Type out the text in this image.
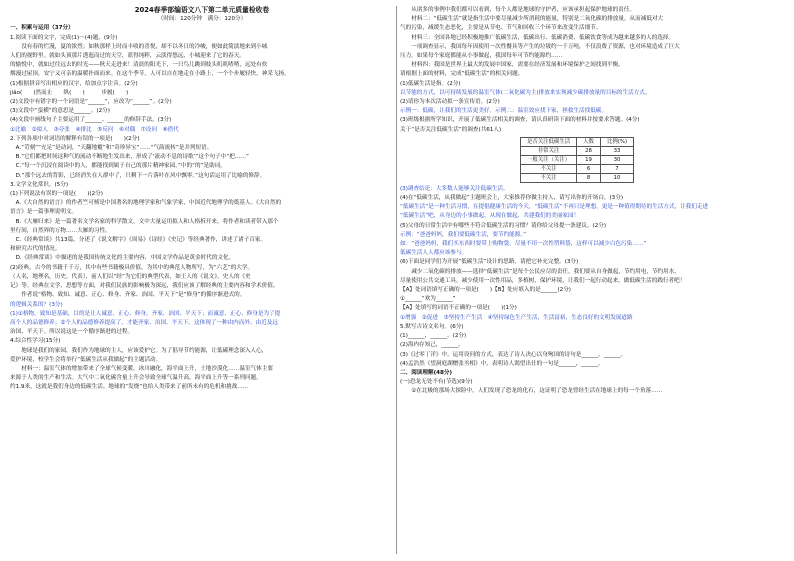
2024春季部编语文八下第二单元质量检收卷
（时间：120分钟　满分：120分）
一、积累与运用（37分）
1.阅读下面的文字，完成(1)～(4)题。(9分)
　　没有春的烂漫，夏的浓烈；如秋那样上时而丰收的喜悦，却不以冬日的冷峻，便如此简淡地来到小城
人们的视野里。就如头顶那片透迤而过的天空，蓝得纯粹，云淡得悠远，小城迎来了它的春天。
的愉悦中，就如过往远去的时光——秋天走进来！清晨的阳光下，一只鸟儿跳到枝头叽叽喳喳，远处有炊
烟漫过屋顶，安宁又可亲的温暖扑面而来。在这个季节，人可以自在地走在小路上，一个个步履轻快，神采飞扬。
(1)根据拼音写出相应的汉字，给加点字注音。(2分)
jiǎo(　　)然而止　　纵(　　)　　　步履(　　)
(2)文段中有错字的一个词语是“______”，应改为“______”。(2分)
(3)文段中“蛮横”的意思是______。(2分)
(4)文段中画线句子主要运用了______、______的修辞手法。(3分)
①比喻　②拟人　③夸张　④排比　⑤反问　⑥对偶　⑦设问　⑧借代
2.下列各项中对词语的解释有误的一项是(　　)(2分)
　A.“苛刻”“充足”是动词，“天翻地覆”和“奇珍异宝”……“气韵流转”是并列短语。
　B.“它们都把时间这种气的流动不断地生发出来，形成了‘流动不息的诗歌’”这个句子中“把……”
　C.“每一个沉浸在阅读中的人，都能找到属于自己的那片精神家园。”中的“的”是助词。
　D.“那个远去的背影，已经消失在人群中了，只剩下一片落叶在风中飘零。”这句话运用了比喻的修辞。
3.文学文化常识。(5分)
(1)下列说法有误的一项是(　　)(2分)
　A.《大自然的语言》的作者竺可桢是中国著名的地理学家和气象学家，中国近代地理学的奠基人。《大自然的
语言》是一篇事理说明文。
　B.《大雁归来》是一篇著名文学名家的科学散文，文中大量运用拟人和人格拆开来，将作者和读者带入那个
里行间，自然界的万物……大雁的习性。
　C.《经典常谈》共13篇，分述了《说文解字》《周易》《诗经》《史记》等经典著作，讲述了诸子百家。
和研究古代的情况。
　D.《经典常谈》中描述的是我国传统文化的主要内容，中国文学作品是黄金时代的文化。
(2)经典，古今的书籍千千万，其中有些书籍极具价值，为其中的典范人物所写，为“六艺”的大学。
（人名，地理名，历史，代表），前人们以“经”为它们的典型代表，如王人的《说文》，史人的《史
记》等。经典在文学、思想等方面，对我们民族的影响极为深远，我们应该了解经典的主要内容和学术价值。
　　作者说“格物、致知、诚意、正心、修身、齐家、治国、平天下”是“修身”的循序渐进式的。
的逻辑关系的？(3分)
(1)①格物、致知是基础，目的是让人诚意、正心、修身，齐家、治国、平天下；而诚意、正心、修身是为了提
高个人的品德修养；②个人的品德修养提高了，才能齐家、治国、平天下。这体现了一种由内而外、由近及远
治国、平天下。所以说这是一个循序渐进的过程。
4.综合性学习(15分)
　　地球是我们的家园，我们作为地球的主人，应该爱护它。为了倡导节约能源，让低碳理念深入人心，
爱护环境，校学生会将举行“低碳生活从我做起”的主题活动。
　　材料一：温室气体的增加带来了全球气候变暖，冰川融化，海平面上升，土地沙漠化……温室气体主要
来源于人类的生产和生活。大气中二氧化碳含量上升会导致全球气温升高，海平面上升等一系列问题。
约1.9米，这就是我们身边的低碳生活。地球的“发烧”也给人类带来了前所未有的危机和挑战……
　　从诸多的事例中我们都可以看到，每个人都是地球的守护者，应该承担起保护地球的责任。
　　材料二：“低碳生活”就是指生活中要尽量减少所消耗的能量，特别是二氧化碳的排放量，从而减低对大
气的污染，减缓生态恶化，主要是从节电、节气和回收三个环节来改变生活细节。
　　材料三：全国各地已经积极地推广低碳生活，低碳出行、低碳消费、低碳饮食等成为越来越多的人的选择。
　　一项调查显示，我国每年因使用一次性餐具等产生的垃圾约一千万吨，不仅浪费了资源，也对环境造成了巨大
压力。如果每个家庭都能从小事做起，我国每年可节约能源约……
　　材料四：我国是世界上最大的发展中国家，需要在经济发展和环境保护之间找到平衡。
请根据上面的材料，完成“低碳生活”的相关问题。
(1)低碳生活是指。(2分)
以节能的方式，以可持续发展的温室气体(二氧化碳为主)排放来实现减少碳排放量的目标的生活方式。
(2)请你为本次活动拟一条宣传语。(2分)
示例一：低碳，让我们的生活更美好。示例二：温室效应找下家，拯救生活找低碳。
(3)班级根据所学知识，开展了低碳生活相关的调查，请认真研读下面的材料并按要求答题。(4分)
关于“是否关注低碳生活”的调查(共61人)
是否关注低碳生活	人数	比例(%)
非常关注	28	33
一般关注（关注）	19	30
不关注	6	7
不关注	8	10
(3)调查结论：大多数人能够关注低碳生活。
(4)在“低碳生活，从我做起”主题班会上，大家推荐你做主持人，请写出你的开场白。(3分)
“低碳生活”是一种生活习惯，在提倡健康生活的今天，“低碳生活”不再只是理想，更是一种值得期待的生活方式，让我们走进
“低碳生活”吧，从身边的小事做起，从现在做起，共建我们的美丽家园！
(5)父母的日常生活中有哪些不符合低碳生活的习惯？请你给父母提一条建议。(2分)
示例：“爸爸妈妈，我们要低碳生活，要节约能源。”
如：“爸爸妈妈，我们买东西时要带上购物袋，尽量不用一次性塑料袋，这样可以减少白色污染……”
低碳生活人人都应该参与。
(6)下面是同学们为开展“低碳生活”设计的思路，请把它补充完整。(3分)
　　减少二氧化碳的排放——选择“低碳生活”是每个公民应尽的责任。我们要从自身做起，节约用电，节约用水，
尽量使用公共交通工具，减少使用一次性用品，多植树，保护环境，让我们一起行动起来，做低碳生活的践行者吧！
【A】处词语填写正确的一项是(　　)【B】处应填入的是______(2分)
①______“欢为______”
【A】处填写的词语不正确的一项是(　　)(1分)
①增强　②促进　③坚持生产生活　④坚持绿色生产生活，生活富裕，生态良好的文明发展道路
5.默写古诗文名句。(6分)
(1)______，______。(2分)
(2)海内存知己，______。
(3)《过零丁洋》中，运用设问的方式，表达了诗人决心以身殉国的诗句是______，______。
(4)孟浩然《望洞庭湖赠张丞相》中，表明诗人渴望出仕的一句是______，______。
二、阅读理解(48分)
(一)恐龙无处不有(节选)(9分)
　　①在北极的那场大探险中，人们发现了恐龙的化石，这证明了恐龙曾经生活在地球上的每一个角落……
